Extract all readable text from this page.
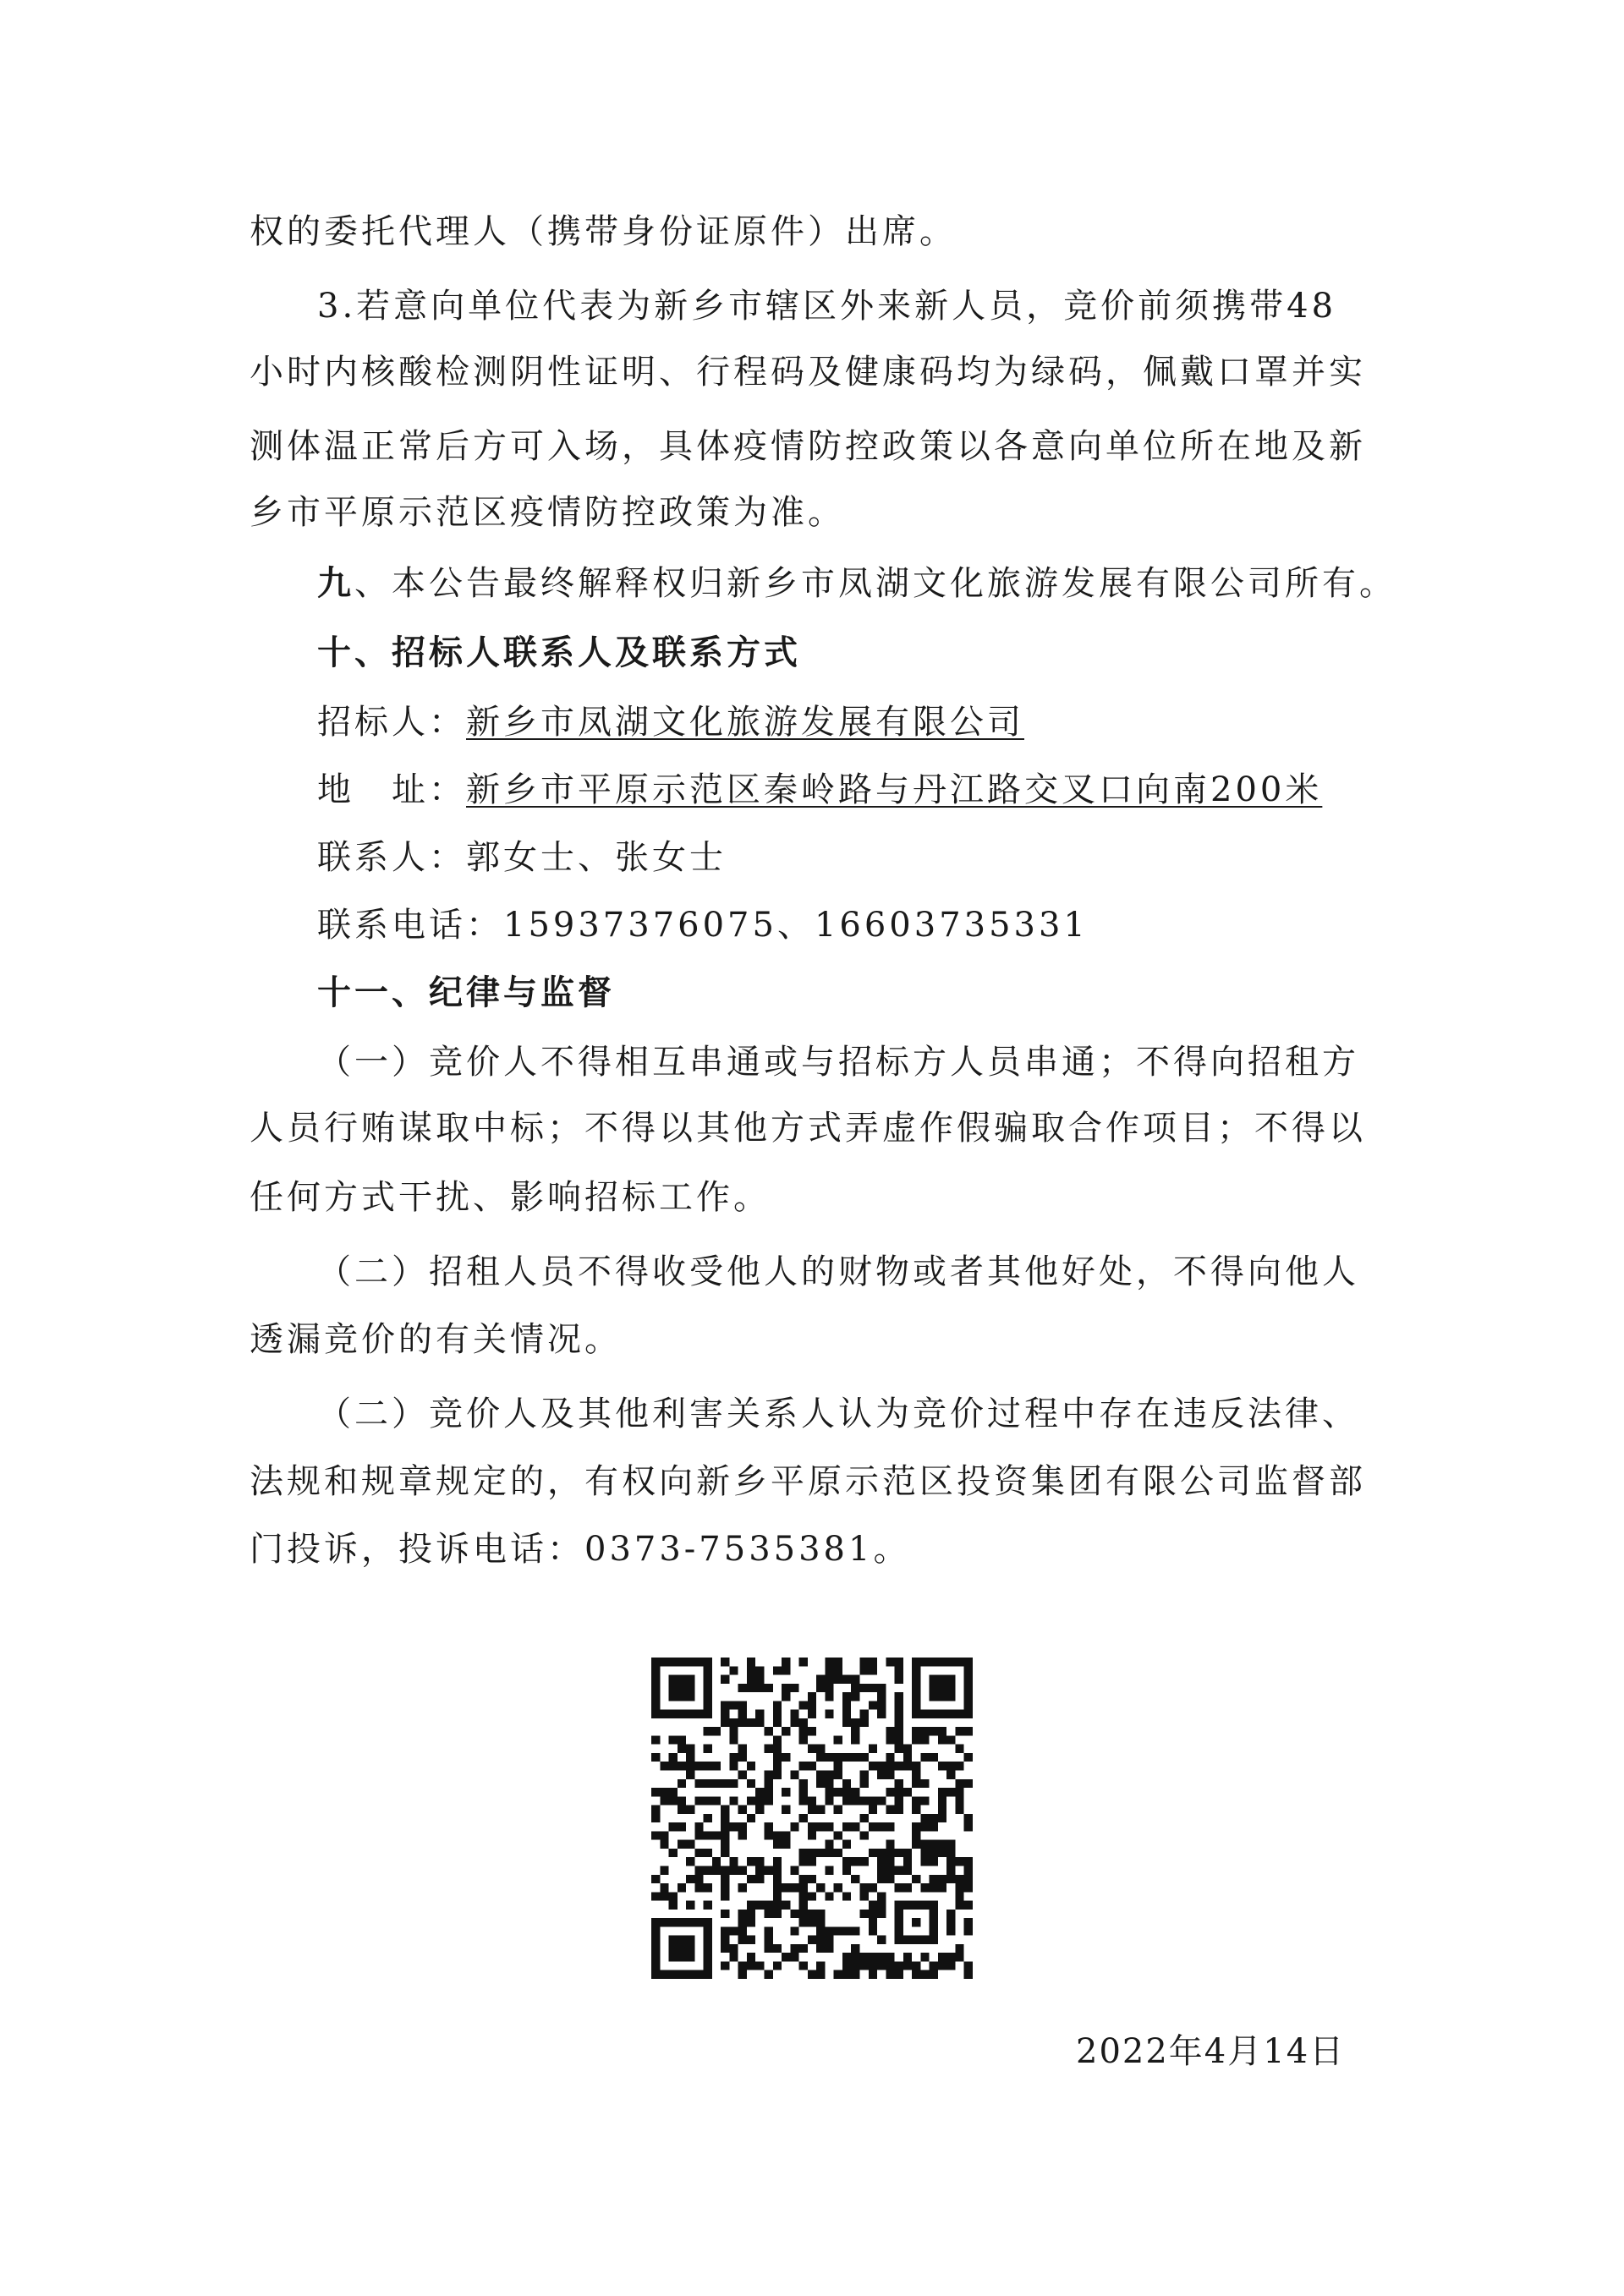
权的委托代理人（携带身份证原件）出席。
3.若意向单位代表为新乡市辖区外来新人员，竞价前须携带48
小时内核酸检测阴性证明、行程码及健康码均为绿码，佩戴口罩并实
测体温正常后方可入场，具体疫情防控政策以各意向单位所在地及新
乡市平原示范区疫情防控政策为准。
九、本公告最终解释权归新乡市凤湖文化旅游发展有限公司所有。
十、招标人联系人及联系方式
招标人：新乡市凤湖文化旅游发展有限公司
地　址：新乡市平原示范区秦岭路与丹江路交叉口向南200米
联系人：郭女士、张女士
联系电话：15937376075、16603735331
十一、纪律与监督
（一）竞价人不得相互串通或与招标方人员串通；不得向招租方
人员行贿谋取中标；不得以其他方式弄虚作假骗取合作项目；不得以
任何方式干扰、影响招标工作。
（二）招租人员不得收受他人的财物或者其他好处，不得向他人
透漏竞价的有关情况。
（二）竞价人及其他利害关系人认为竞价过程中存在违反法律、
法规和规章规定的，有权向新乡平原示范区投资集团有限公司监督部
门投诉，投诉电话：0373-7535381。
2022年4月14日
